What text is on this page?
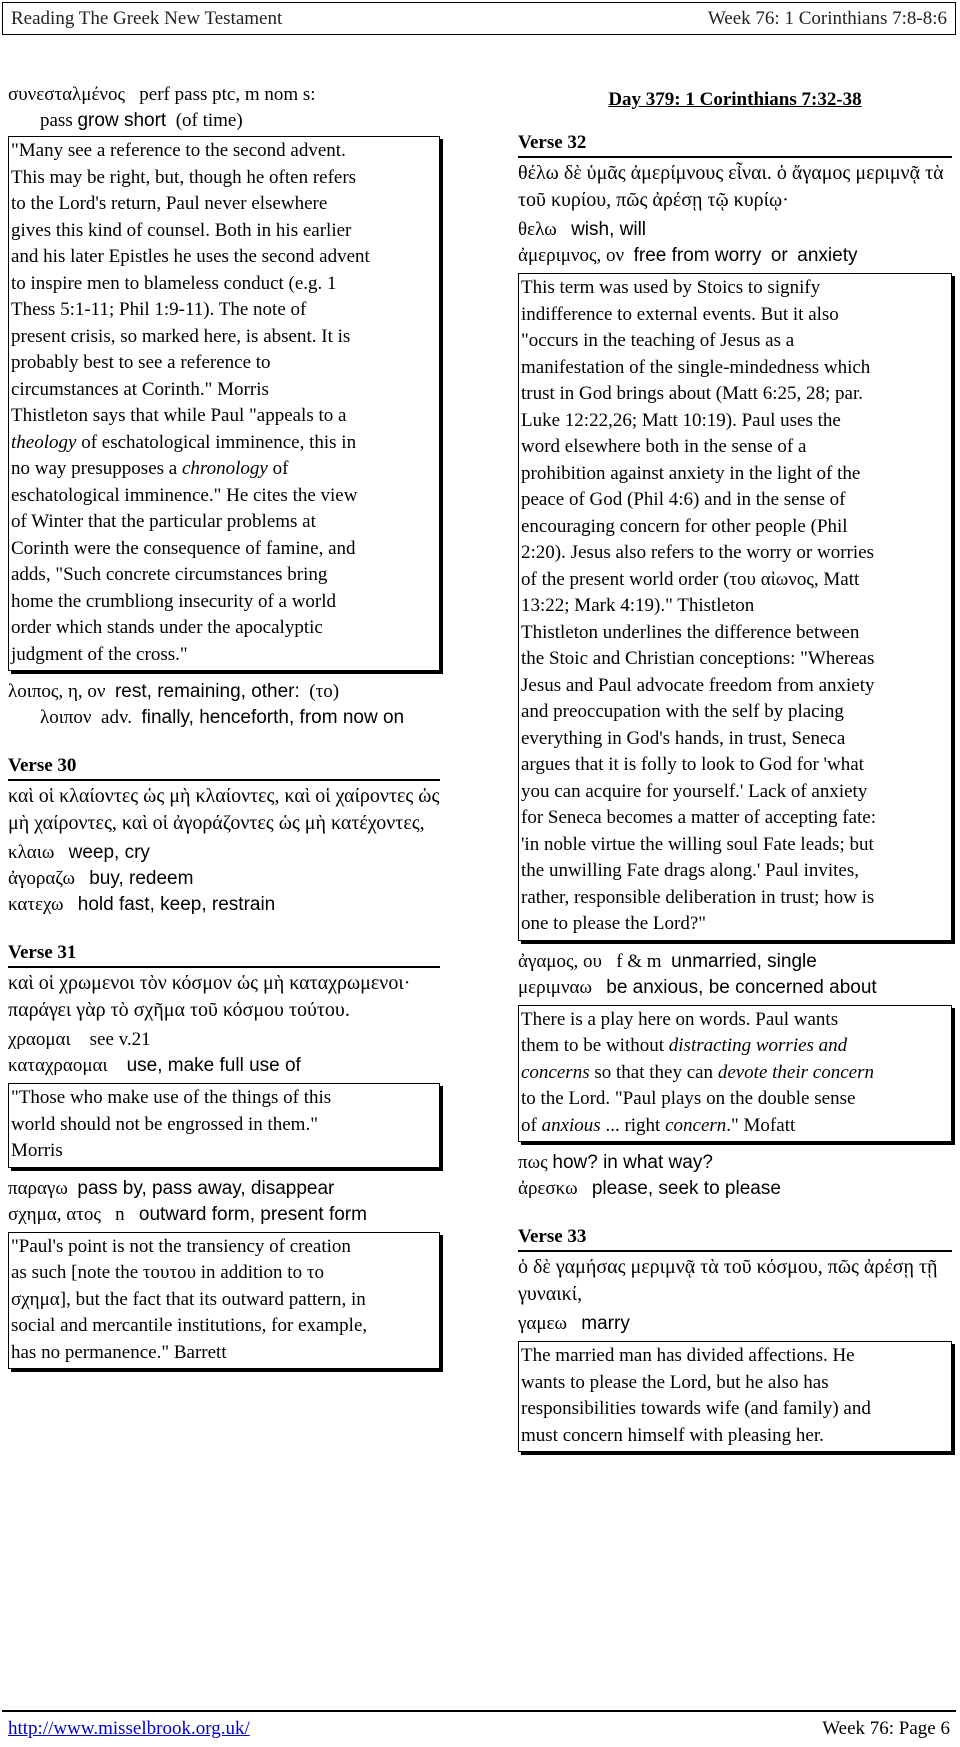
Reading The Greek New Testament	Week 76: 1 Corinthians 7:8-8:6
συνεσταλμένος perf pass ptc, m nom s:
pass grow short (of time)
"Many see a reference to the second advent.
This may be right, but, though he often refers
to the Lord's return, Paul never elsewhere
gives this kind of counsel. Both in his earlier
and his later Epistles he uses the second advent
to inspire men to blameless conduct (e.g. 1
Thess 5:1-11; Phil 1:9-11). The note of
present crisis, so marked here, is absent. It is
probably best to see a reference to
circumstances at Corinth." Morris
Thistleton says that while Paul "appeals to a
theology of eschatological imminence, this in
no way presupposes a chronology of
eschatological imminence." He cites the view
of Winter that the particular problems at
Corinth were the consequence of famine, and
adds, "Such concrete circumstances bring
home the crumbliong insecurity of a world
order which stands under the apocalyptic
judgment of the cross."
λοιπος, η, ον rest, remaining, other: (το)
λοιπον adv. finally, henceforth, from now on
Verse 30
καὶ οἱ κλαίοντες ὡς μὴ κλαίοντες, καὶ οἱ χαίροντες ὡς μὴ χαίροντες, καὶ οἱ ἀγοράζοντες ὡς μὴ κατέχοντες,
κλαιω weep, cry
ἀγοραζω buy, redeem
κατεχω hold fast, keep, restrain
Verse 31
καὶ οἱ χρωμενοι τὸν κόσμον ὡς μὴ καταχρωμενοι· παράγει γὰρ τὸ σχῆμα τοῦ κόσμου τούτου.
χραομαι see v.21
καταχραομαι use, make full use of
"Those who make use of the things of this
world should not be engrossed in them."
Morris
παραγω pass by, pass away, disappear
σχημα, ατος n outward form, present form
"Paul's point is not the transiency of creation
as such [note the τουτου in addition to το
σχημα], but the fact that its outward pattern, in
social and mercantile institutions, for example,
has no permanence." Barrett
Day 379: 1 Corinthians 7:32-38
Verse 32
θέλω δὲ ὑμᾶς ἀμερίμνους εἶναι. ὁ ἄγαμος μεριμνᾷ τὰ τοῦ κυρίου, πῶς ἀρέσῃ τῷ κυρίῳ·
θελω wish, will
ἀμεριμνος, ον free from worry or anxiety
This term was used by Stoics to signify
indifference to external events. But it also
"occurs in the teaching of Jesus as a
manifestation of the single-mindedness which
trust in God brings about (Matt 6:25, 28; par.
Luke 12:22,26; Matt 10:19). Paul uses the
word elsewhere both in the sense of a
prohibition against anxiety in the light of the
peace of God (Phil 4:6) and in the sense of
encouraging concern for other people (Phil
2:20). Jesus also refers to the worry or worries
of the present world order (του αἰωνος, Matt
13:22; Mark 4:19)." Thistleton
Thistleton underlines the difference between
the Stoic and Christian conceptions: "Whereas
Jesus and Paul advocate freedom from anxiety
and preoccupation with the self by placing
everything in God's hands, in trust, Seneca
argues that it is folly to look to God for 'what
you can acquire for yourself.' Lack of anxiety
for Seneca becomes a matter of accepting fate:
'in noble virtue the willing soul Fate leads; but
the unwilling Fate drags along.' Paul invites,
rather, responsible deliberation in trust; how is
one to please the Lord?"
ἀγαμος, ου f & m unmarried, single
μεριμναω be anxious, be concerned about
There is a play here on words. Paul wants
them to be without distracting worries and
concerns so that they can devote their concern
to the Lord. "Paul plays on the double sense
of anxious ... right concern." Mofatt
πως how? in what way?
ἀρεσκω please, seek to please
Verse 33
ὁ δὲ γαμήσας μεριμνᾷ τὰ τοῦ κόσμου, πῶς ἀρέσῃ τῇ γυναικί,
γαμεω marry
The married man has divided affections. He
wants to please the Lord, but he also has
responsibilities towards wife (and family) and
must concern himself with pleasing her.
http://www.misselbrook.org.uk/	Week 76: Page 6
